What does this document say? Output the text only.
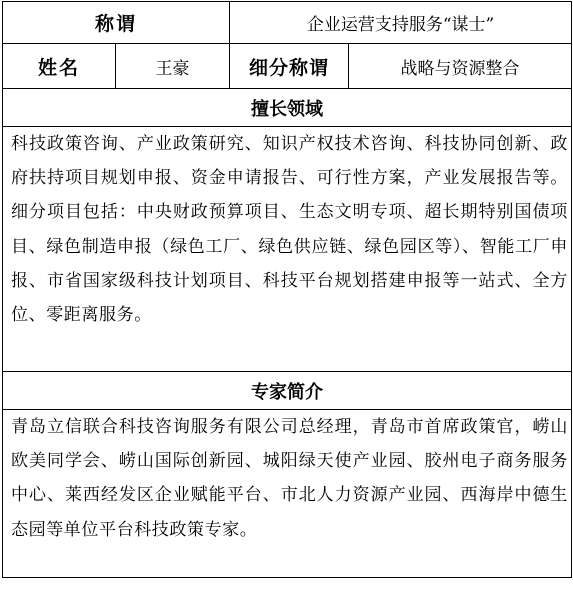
称谓		企业运营支持服务“谋士”	
姓名	王豪	细分称谓	战略与资源整合
擅长领域			
科技政策咨询、产业政策研究、知识产权技术咨询、科技协同创新、政府扶持项目规划申报、资金申请报告、可行性方案，产业发展报告等。细分项目包括：中央财政预算项目、生态文明专项、超长期特别国债项目、绿色制造申报（绿色工厂、绿色供应链、绿色园区等）、智能工厂申报、市省国家级科技计划项目、科技平台规划搭建申报等一站式、全方位、零距离服务。			
专家简介			
青岛立信联合科技咨询服务有限公司总经理，青岛市首席政策官，崂山欧美同学会、崂山国际创新园、城阳绿天使产业园、胶州电子商务服务中心、莱西经发区企业赋能平台、市北人力资源产业园、西海岸中德生态园等单位平台科技政策专家。			
